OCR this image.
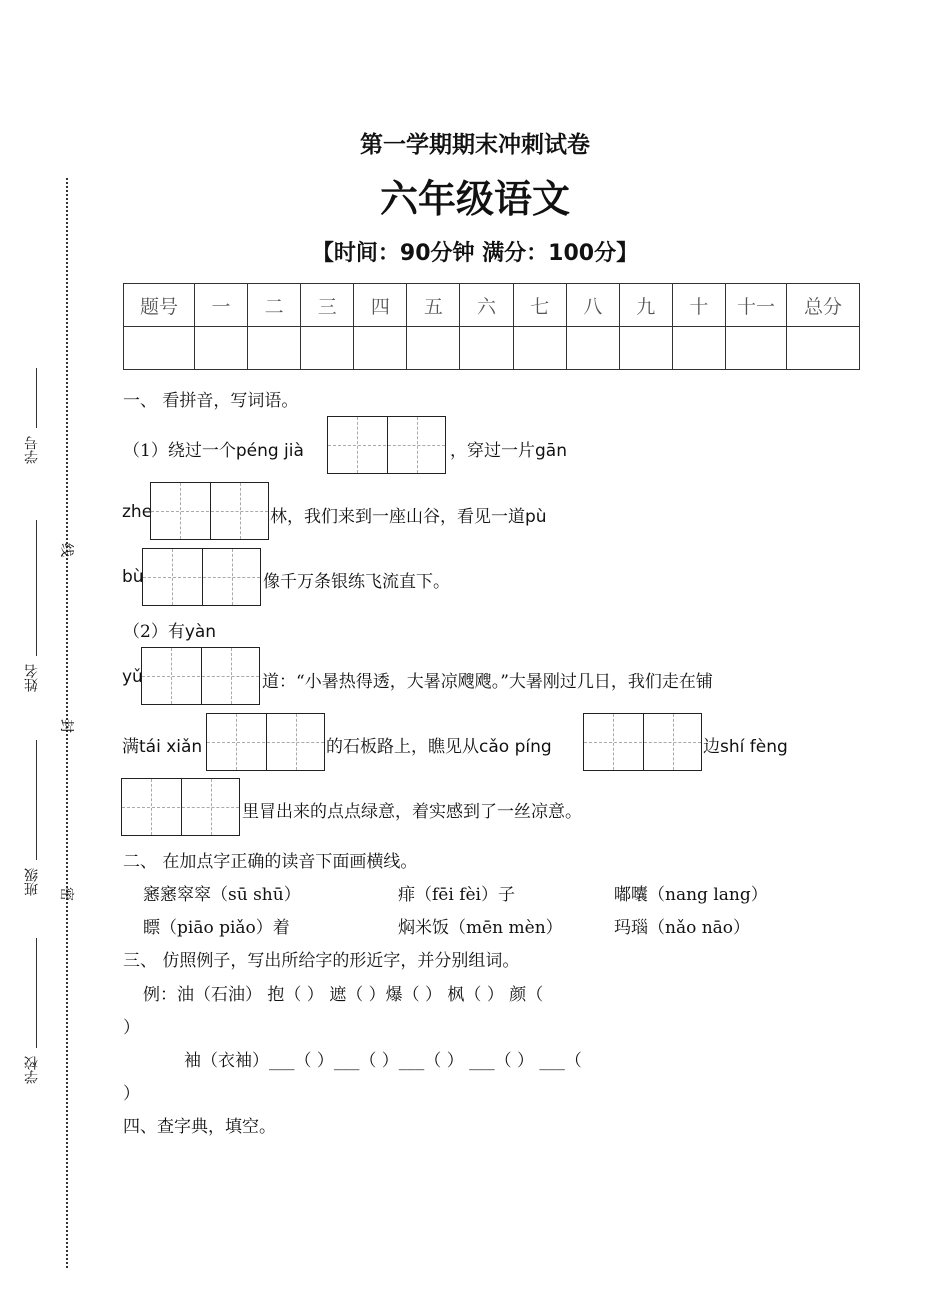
学号
姓名
班级
学校
线
封
密
第一学期期末冲刺试卷
六年级语文
【时间：90分钟 满分：100分】
题号	一	二	三	四	五	六	七	八	九	十	十一	总分

一、 看拼音，写词语。
（1）绕过一个péng jià	，穿过一片gān
zhe	林，我们来到一座山谷，看见一道pù
bù	像千万条银练飞流直下。
（2）有yàn
yǔ	道：“小暑热得透，大暑凉飕飕。”大暑刚过几日，我们走在铺
满tái xiǎn	的石板路上，瞧见从cǎo píng	边shí fèng
里冒出来的点点绿意，着实感到了一丝凉意。
二、 在加点字正确的读音下面画横线。
窸窸窣窣（sū shū）	痱（fēi fèi）子	嘟囔（nang lang）
瞟（piāo piǎo）着	焖米饭（mēn mèn）	玛瑙（nǎo nāo）
三、 仿照例子，写出所给字的形近字，并分别组词。
例：油（石油） 抱（ ） 遮（ ）爆（ ） 枫（ ） 颜（
）
袖（衣袖）___（ ）___（ ）___（ ） ___（ ） ___（
）
四、查字典，填空。
